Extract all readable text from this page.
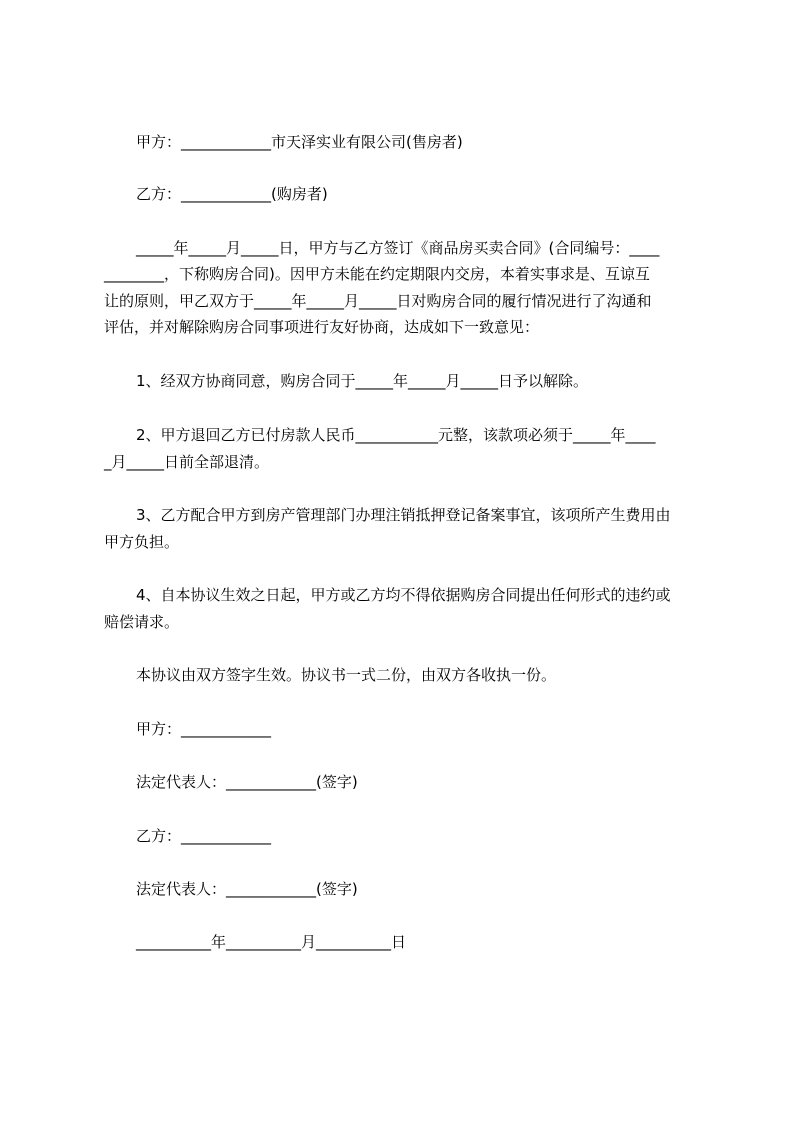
甲方：____________市天泽实业有限公司(售房者)
乙方：____________(购房者)
_____年_____月_____日，甲方与乙方签订《商品房买卖合同》(合同编号：____
________，下称购房合同)。因甲方未能在约定期限内交房，本着实事求是、互谅互
让的原则，甲乙双方于_____年_____月_____日对购房合同的履行情况进行了沟通和
评估，并对解除购房合同事项进行友好协商，达成如下一致意见：
1、经双方协商同意，购房合同于_____年_____月_____日予以解除。
2、甲方退回乙方已付房款人民币___________元整，该款项必须于_____年____
_月_____日前全部退清。
3、乙方配合甲方到房产管理部门办理注销抵押登记备案事宜，该项所产生费用由
甲方负担。
4、自本协议生效之日起，甲方或乙方均不得依据购房合同提出任何形式的违约或
赔偿请求。
本协议由双方签字生效。协议书一式二份，由双方各收执一份。
甲方：____________
法定代表人：____________(签字)
乙方：____________
法定代表人：____________(签字)
__________年__________月__________日
